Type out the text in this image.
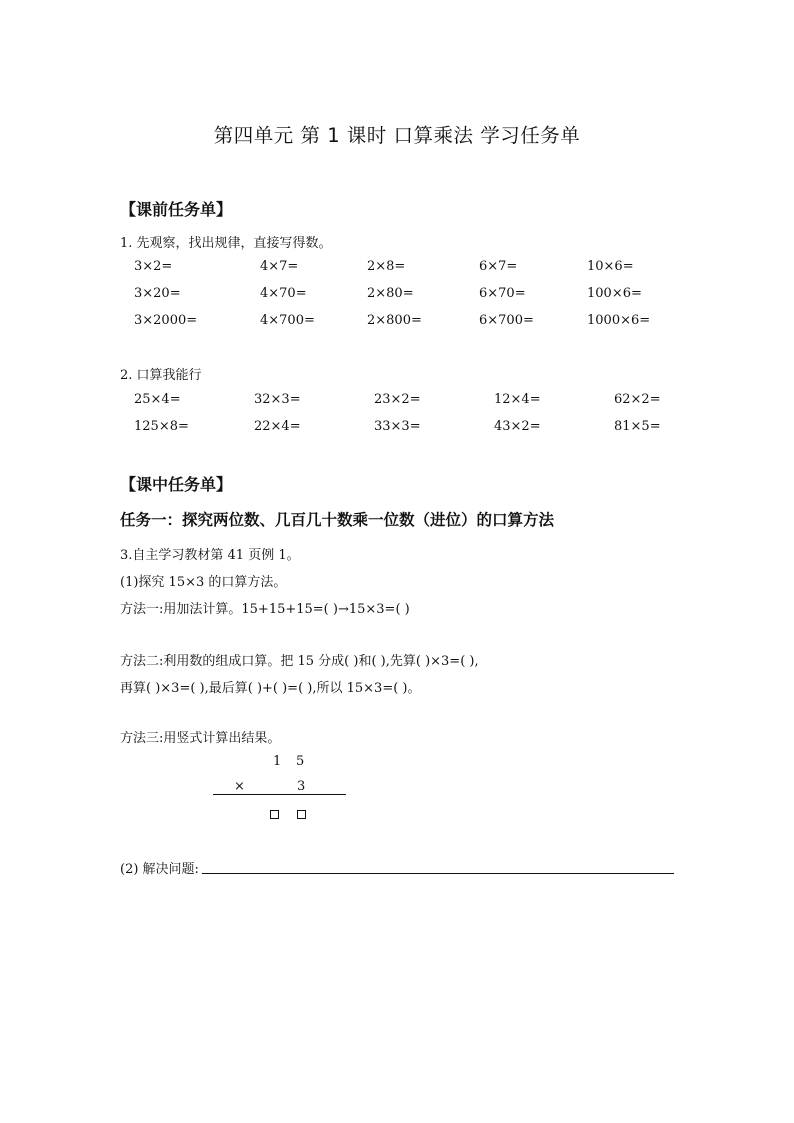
第四单元 第 1 课时 口算乘法 学习任务单
【课前任务单】
1. 先观察，找出规律，直接写得数。
3×2=	4×7=	2×8=	6×7=	10×6=
3×20=	4×70=	2×80=	6×70=	100×6=
3×2000=	4×700=	2×800=	6×700=	1000×6=
2. 口算我能行
25×4=	32×3=	23×2=	12×4=	62×2=
125×8=	22×4=	33×3=	43×2=	81×5=
【课中任务单】
任务一：探究两位数、几百几十数乘一位数（进位）的口算方法
3.自主学习教材第 41 页例 1。
(1)探究 15×3 的口算方法。
方法一:用加法计算。15+15+15=( )→15×3=( )
方法二:利用数的组成口算。把 15 分成( )和( ),先算( )×3=( ),
再算( )×3=( ),最后算( )+( )=( ),所以 15×3=( )。
方法三:用竖式计算出结果。
1 5
×	3
(2) 解决问题:
